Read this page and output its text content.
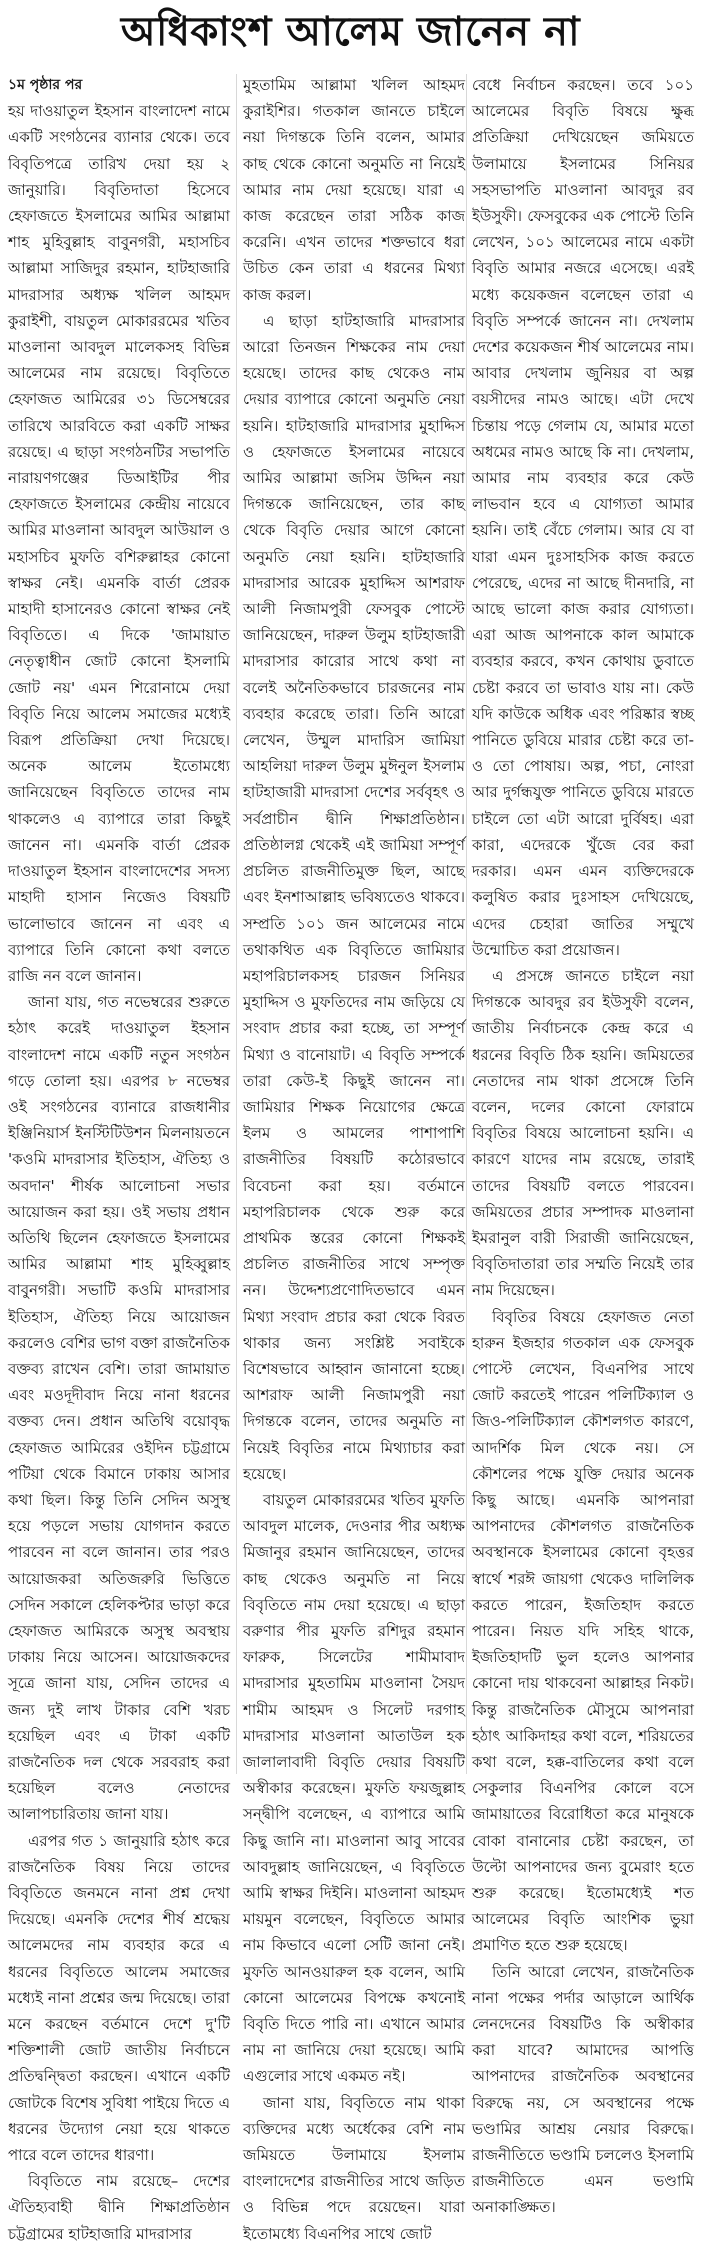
অধিকাংশ আলেম জানেন না
১ম পৃষ্ঠার পর

হয় দাওয়াতুল ইহসান বাংলাদেশ নামে একটি সংগঠনের ব্যানার থেকে। তবে বিবৃতিপত্রে তারিখ দেয়া হয় ২ জানুয়ারি। বিবৃতিদাতা হিসেবে হেফাজতে ইসলামের আমির আল্লামা শাহ মুহিবুল্লাহ বাবুনগরী, মহাসচিব আল্লামা সাজিদুর রহমান, হাটহাজারি মাদরাসার অধ্যক্ষ খলিল আহমদ কুরাইশী, বায়তুল মোকাররমের খতিব মাওলানা আবদুল মালেকসহ বিভিন্ন আলেমের নাম রয়েছে। বিবৃতিতে হেফাজত আমিরের ৩১ ডিসেম্বরের তারিখে আরবিতে করা একটি সাক্ষর রয়েছে। এ ছাড়া সংগঠনটির সভাপতি নারায়ণগঞ্জের ডিআইটির পীর হেফাজতে ইসলামের কেন্দ্রীয় নায়েবে আমির মাওলানা আবদুল আউয়াল ও মহাসচিব মুফতি বশিরুল্লাহর কোনো স্বাক্ষর নেই। এমনকি বার্তা প্রেরক মাহাদী হাসানেরও কোনো স্বাক্ষর নেই বিবৃতিতে। এ দিকে 'জামায়াত নেতৃত্বাধীন জোট কোনো ইসলামি জোট নয়' এমন শিরোনামে দেয়া বিবৃতি নিয়ে আলেম সমাজের মধ্যেই বিরূপ প্রতিক্রিয়া দেখা দিয়েছে। অনেক আলেম ইতোমধ্যে জানিয়েছেন বিবৃতিতে তাদের নাম থাকলেও এ ব্যাপারে তারা কিছুই জানেন না। এমনকি বার্তা প্রেরক দাওয়াতুল ইহসান বাংলাদেশের সদস্য মাহাদী হাসান নিজেও বিষয়টি ভালোভাবে জানেন না এবং এ ব্যাপারে তিনি কোনো কথা বলতে রাজি নন বলে জানান।

জানা যায়, গত নভেম্বরের শুরুতে হঠাৎ করেই দাওয়াতুল ইহসান বাংলাদেশ নামে একটি নতুন সংগঠন গড়ে তোলা হয়। এরপর ৮ নভেম্বর ওই সংগঠনের ব্যানারে রাজধানীর ইঞ্জিনিয়ার্স ইনস্টিটিউশন মিলনায়তনে 'কওমি মাদরাসার ইতিহাস, ঐতিহ্য ও অবদান' শীর্ষক আলোচনা সভার আয়োজন করা হয়। ওই সভায় প্রধান অতিথি ছিলেন হেফাজতে ইসলামের আমির আল্লামা শাহ মুহিব্বুল্লাহ বাবুনগরী। সভাটি কওমি মাদরাসার ইতিহাস, ঐতিহ্য নিয়ে আয়োজন করলেও বেশির ভাগ বক্তা রাজনৈতিক বক্তব্য রাখেন বেশি। তারা জামায়াত এবং মওদূদীবাদ নিয়ে নানা ধরনের বক্তব্য দেন। প্রধান অতিথি বয়োবৃদ্ধ হেফাজত আমিরের ওইদিন চট্টগ্রামে পটিয়া থেকে বিমানে ঢাকায় আসার কথা ছিল। কিন্তু তিনি সেদিন অসুস্থ হয়ে পড়লে সভায় যোগদান করতে পারবেন না বলে জানান। তার পরও আয়োজকরা অতিজরুরি ভিত্তিতে সেদিন সকালে হেলিকপ্টার ভাড়া করে হেফাজত আমিরকে অসুস্থ অবস্থায় ঢাকায় নিয়ে আসেন। আয়োজকদের সূত্রে জানা যায়, সেদিন তাদের এ জন্য দুই লাখ টাকার বেশি খরচ হয়েছিল এবং এ টাকা একটি রাজনৈতিক দল থেকে সরবরাহ করা হয়েছিল বলেও নেতাদের আলাপচারিতায় জানা যায়।

এরপর গত ১ জানুয়ারি হঠাৎ করে রাজনৈতিক বিষয় নিয়ে তাদের বিবৃতিতে জনমনে নানা প্রশ্ন দেখা দিয়েছে। এমনকি দেশের শীর্ষ শ্রদ্ধেয় আলেমদের নাম ব্যবহার করে এ ধরনের বিবৃতিতে আলেম সমাজের মধ্যেই নানা প্রশ্নের জন্ম দিয়েছে। তারা মনে করছেন বর্তমানে দেশে দু'টি শক্তিশালী জোট জাতীয় নির্বাচনে প্রতিদ্বন্দ্বিতা করছেন। এখানে একটি জোটকে বিশেষ সুবিধা পাইয়ে দিতে এ ধরনের উদ্যোগ নেয়া হয়ে থাকতে পারে বলে তাদের ধারণা।

বিবৃতিতে নাম রয়েছে– দেশের ঐতিহ্যবাহী দ্বীনি শিক্ষাপ্রতিষ্ঠান চট্টগ্রামের হাটহাজারি মাদরাসার

মুহতামিম আল্লামা খলিল আহমদ কুরাইশির। গতকাল জানতে চাইলে নয়া দিগন্তকে তিনি বলেন, আমার কাছ থেকে কোনো অনুমতি না নিয়েই আমার নাম দেয়া হয়েছে। যারা এ কাজ করেছেন তারা সঠিক কাজ করেনি। এখন তাদের শক্তভাবে ধরা উচিত কেন তারা এ ধরনের মিথ্যা কাজ করল।

এ ছাড়া হাটহাজারি মাদরাসার আরো তিনজন শিক্ষকের নাম দেয়া হয়েছে। তাদের কাছ থেকেও নাম দেয়ার ব্যাপারে কোনো অনুমতি নেয়া হয়নি। হাটহাজারি মাদরাসার মুহাদ্দিস ও হেফাজতে ইসলামের নায়েবে আমির আল্লামা জসিম উদ্দিন নয়া দিগন্তকে জানিয়েছেন, তার কাছ থেকে বিবৃতি দেয়ার আগে কোনো অনুমতি নেয়া হয়নি। হাটহাজারি মাদরাসার আরেক মুহাদ্দিস আশরাফ আলী নিজামপুরী ফেসবুক পোস্টে জানিয়েছেন, দারুল উলুম হাটহাজারী মাদরাসার কারোর সাথে কথা না বলেই অনৈতিকভাবে চারজনের নাম ব্যবহার করেছে তারা। তিনি আরো লেখেন, উম্মুল মাদারিস জামিয়া আহলিয়া দারুল উলুম মুঈনুল ইসলাম হাটহাজারী মাদরাসা দেশের সর্ববৃহৎ ও সর্বপ্রাচীন দ্বীনি শিক্ষাপ্রতিষ্ঠান। প্রতিষ্ঠালগ্ন থেকেই এই জামিয়া সম্পূর্ণ প্রচলিত রাজনীতিমুক্ত ছিল, আছে এবং ইনশাআল্লাহ ভবিষ্যতেও থাকবে। সম্প্রতি ১০১ জন আলেমের নামে তথাকথিত এক বিবৃতিতে জামিয়ার মহাপরিচালকসহ চারজন সিনিয়র মুহাদ্দিস ও মুফতিদের নাম জড়িয়ে যে সংবাদ প্রচার করা হচ্ছে, তা সম্পূর্ণ মিথ্যা ও বানোয়াট। এ বিবৃতি সম্পর্কে তারা কেউ-ই কিছুই জানেন না। জামিয়ার শিক্ষক নিয়োগের ক্ষেত্রে ইলম ও আমলের পাশাপাশি রাজনীতির বিষয়টি কঠোরভাবে বিবেচনা করা হয়। বর্তমানে মহাপরিচালক থেকে শুরু করে প্রাথমিক স্তরের কোনো শিক্ষকই প্রচলিত রাজনীতির সাথে সম্পৃক্ত নন। উদ্দেশ্যপ্রণোদিতভাবে এমন মিথ্যা সংবাদ প্রচার করা থেকে বিরত থাকার জন্য সংশ্লিষ্ট সবাইকে বিশেষভাবে আহ্বান জানানো হচ্ছে। আশরাফ আলী নিজামপুরী নয়া দিগন্তকে বলেন, তাদের অনুমতি না নিয়েই বিবৃতির নামে মিথ্যাচার করা হয়েছে।

বায়তুল মোকাররমের খতিব মুফতি আবদুল মালেক, দেওনার পীর অধ্যক্ষ মিজানুর রহমান জানিয়েছেন, তাদের কাছ থেকেও অনুমতি না নিয়ে বিবৃতিতে নাম দেয়া হয়েছে। এ ছাড়া বরুণার পীর মুফতি রশিদুর রহমান ফারুক, সিলেটের শামীমাবাদ মাদরাসার মুহতামিম মাওলানা সৈয়দ শামীম আহমদ ও সিলেট দরগাহ মাদরাসার মাওলানা আতাউল হক জালালাবাদী বিবৃতি দেয়ার বিষয়টি অস্বীকার করেছেন। মুফতি ফয়জুল্লাহ সন্দ্বীপি বলেছেন, এ ব্যাপারে আমি কিছু জানি না। মাওলানা আবু সাবের আবদুল্লাহ জানিয়েছেন, এ বিবৃতিতে আমি স্বাক্ষর দিইনি। মাওলানা আহমদ মায়মুন বলেছেন, বিবৃতিতে আমার নাম কিভাবে এলো সেটি জানা নেই। মুফতি আনওয়ারুল হক বলেন, আমি কোনো আলেমের বিপক্ষে কখনোই বিবৃতি দিতে পারি না। এখানে আমার নাম না জানিয়ে দেয়া হয়েছে। আমি এগুলোর সাথে একমত নই।

জানা যায়, বিবৃতিতে নাম থাকা ব্যক্তিদের মধ্যে অর্ধেকের বেশি নাম জমিয়তে উলামায়ে ইসলাম বাংলাদেশের রাজনীতির সাথে জড়িত ও বিভিন্ন পদে রয়েছেন। যারা ইতোমধ্যে বিএনপির সাথে জোট

বেধে নির্বাচন করছেন। তবে ১০১ আলেমের বিবৃতি বিষয়ে ক্ষুব্ধ প্রতিক্রিয়া দেখিয়েছেন জমিয়তে উলামায়ে ইসলামের সিনিয়র সহসভাপতি মাওলানা আবদুর রব ইউসুফী। ফেসবুকের এক পোস্টে তিনি লেখেন, ১০১ আলেমের নামে একটা বিবৃতি আমার নজরে এসেছে। এরই মধ্যে কয়েকজন বলেছেন তারা এ বিবৃতি সম্পর্কে জানেন না। দেখলাম দেশের কয়েকজন শীর্ষ আলেমের নাম। আবার দেখলাম জুনিয়র বা অল্প বয়সীদের নামও আছে। এটা দেখে চিন্তায় পড়ে গেলাম যে, আমার মতো অধমের নামও আছে কি না। দেখলাম, আমার নাম ব্যবহার করে কেউ লাভবান হবে এ যোগ্যতা আমার হয়নি। তাই বেঁচে গেলাম। আর যে বা যারা এমন দুঃসাহসিক কাজ করতে পেরেছে, এদের না আছে দীনদারি, না আছে ভালো কাজ করার যোগ্যতা। এরা আজ আপনাকে কাল আমাকে ব্যবহার করবে, কখন কোথায় ডুবাতে চেষ্টা করবে তা ভাবাও যায় না। কেউ যদি কাউকে অধিক এবং পরিষ্কার স্বচ্ছ পানিতে ডুবিয়ে মারার চেষ্টা করে তা-ও তো পোষায়। অল্প, পচা, নোংরা আর দুর্গন্ধযুক্ত পানিতে ডুবিয়ে মারতে চাইলে তো এটা আরো দুর্বিষহ। এরা কারা, এদেরকে খুঁজে বের করা দরকার। এমন এমন ব্যক্তিদেরকে কলুষিত করার দুঃসাহস দেখিয়েছে, এদের চেহারা জাতির সম্মুখে উন্মোচিত করা প্রয়োজন।

এ প্রসঙ্গে জানতে চাইলে নয়া দিগন্তকে আবদুর রব ইউসুফী বলেন, জাতীয় নির্বাচনকে কেন্দ্র করে এ ধরনের বিবৃতি ঠিক হয়নি। জমিয়তের নেতাদের নাম থাকা প্রসেঙ্গে তিনি বলেন, দলের কোনো ফোরামে বিবৃতির বিষয়ে আলোচনা হয়নি। এ কারণে যাদের নাম রয়েছে, তারাই তাদের বিষয়টি বলতে পারবেন। জমিয়তের প্রচার সম্পাদক মাওলানা ইমরানুল বারী সিরাজী জানিয়েছেন, বিবৃতিদাতারা তার সম্মতি নিয়েই তার নাম দিয়েছেন।

বিবৃতির বিষয়ে হেফাজত নেতা হারুন ইজহার গতকাল এক ফেসবুক পোস্টে লেখেন, বিএনপির সাথে জোট করতেই পারেন পলিটিক্যাল ও জিও-পলিটিক্যাল কৌশলগত কারণে, আদর্শিক মিল থেকে নয়। সে কৌশলের পক্ষে যুক্তি দেয়ার অনেক কিছু আছে। এমনকি আপনারা আপনাদের কৌশলগত রাজনৈতিক অবস্থানকে ইসলামের কোনো বৃহত্তর স্বার্থে শরঈ জায়গা থেকেও দালিলিক করতে পারেন, ইজতিহাদ করতে পারেন। নিয়ত যদি সহিহ থাকে, ইজতিহাদটি ভুল হলেও আপনার কোনো দায় থাকবেনা আল্লাহর নিকট। কিন্তু রাজনৈতিক মৌসুমে আপনারা হঠাৎ আকিদাহর কথা বলে, শরিয়তের কথা বলে, হক্ক-বাতিলের কথা বলে সেকুলার বিএনপির কোলে বসে জামায়াতের বিরোধিতা করে মানুষকে বোকা বানানোর চেষ্টা করছেন, তা উল্টো আপনাদের জন্য বুমেরাং হতে শুরু করেছে। ইতোমধ্যেই শত আলেমের বিবৃতি আংশিক ভুয়া প্রমাণিত হতে শুরু হয়েছে।

তিনি আরো লেখেন, রাজনৈতিক নানা পক্ষের পর্দার আড়ালে আর্থিক লেনদেনের বিষয়টিও কি অস্বীকার করা যাবে? আমাদের আপত্তি আপনাদের রাজনৈতিক অবস্থানের বিরুদ্ধে নয়, সে অবস্থানের পক্ষে ভণ্ডামির আশ্রয় নেয়ার বিরুদ্ধে। রাজনীতিতে ভণ্ডামি চললেও ইসলামি রাজনীতিতে এমন ভণ্ডামি অনাকাঙ্ক্ষিত।
